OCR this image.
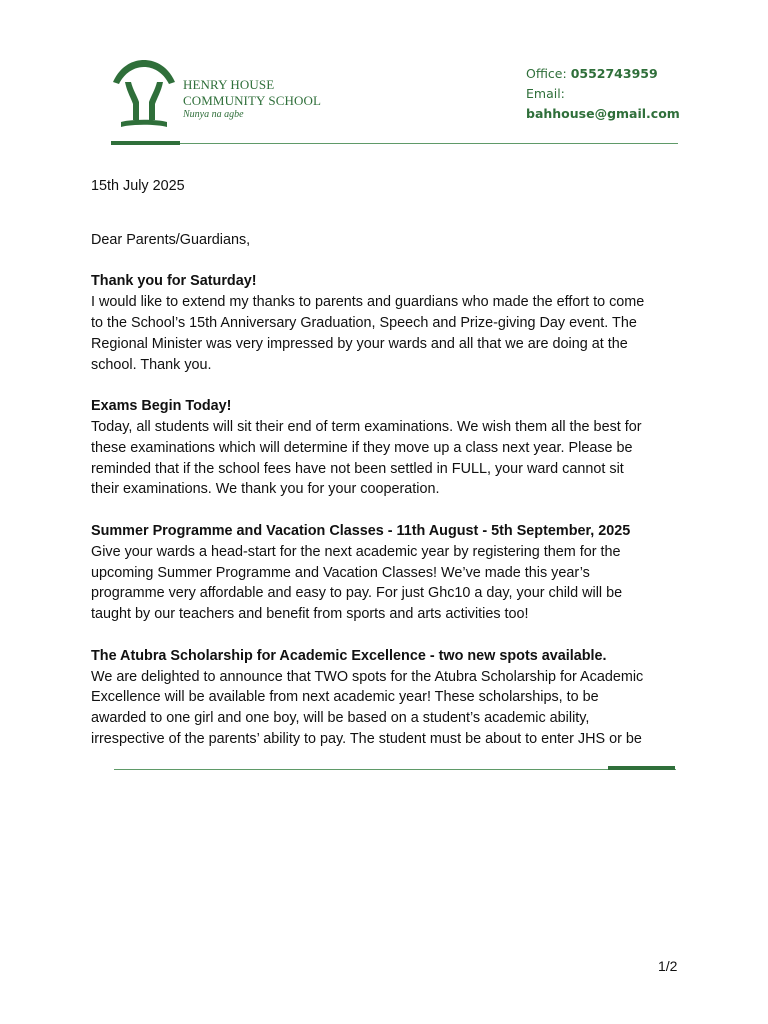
HENRY HOUSE
COMMUNITY SCHOOL
Nunya na agbe
Office: 0552743959
Email:
bahhouse@gmail.com

15th July 2025

Dear Parents/Guardians,

Thank you for Saturday!

I would like to extend my thanks to parents and guardians who made the effort to come

to the School’s 15th Anniversary Graduation, Speech and Prize-giving Day event. The

Regional Minister was very impressed by your wards and all that we are doing at the

school. Thank you.

Exams Begin Today!

Today, all students will sit their end of term examinations. We wish them all the best for

these examinations which will determine if they move up a class next year. Please be

reminded that if the school fees have not been settled in FULL, your ward cannot sit

their examinations. We thank you for your cooperation.

Summer Programme and Vacation Classes - 11th August - 5th September, 2025

Give your wards a head-start for the next academic year by registering them for the

upcoming Summer Programme and Vacation Classes! We’ve made this year’s

programme very affordable and easy to pay. For just Ghc10 a day, your child will be

taught by our teachers and benefit from sports and arts activities too!

The Atubra Scholarship for Academic Excellence - two new spots available.

We are delighted to announce that TWO spots for the Atubra Scholarship for Academic

Excellence will be available from next academic year! These scholarships, to be

awarded to one girl and one boy, will be based on a student’s academic ability,

irrespective of the parents’ ability to pay. The student must be about to enter JHS or be

1/2
